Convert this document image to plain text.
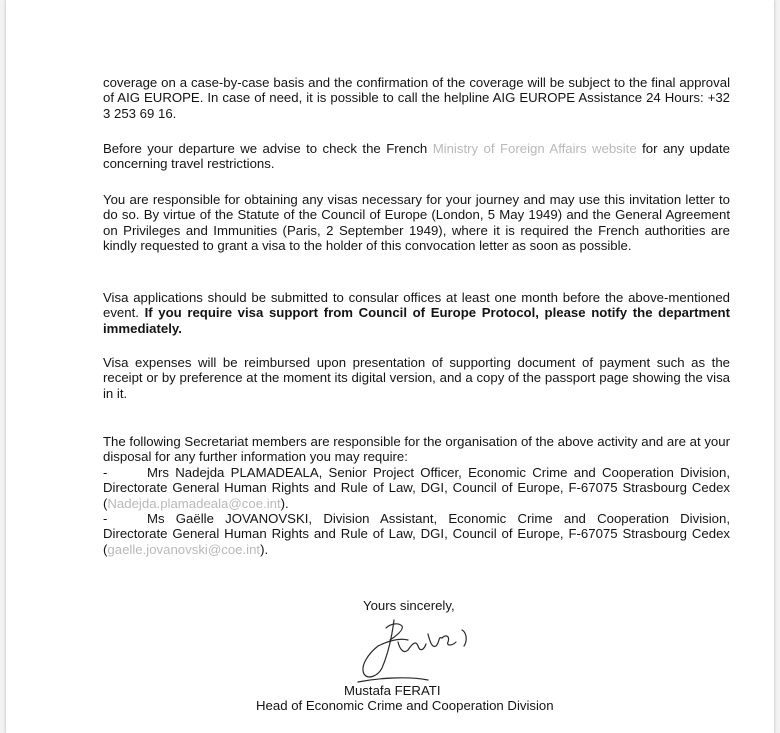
coverage on a case-by-case basis and the confirmation of the coverage will be subject to the final approval of AIG EUROPE. In case of need, it is possible to call the helpline AIG EUROPE Assistance 24 Hours: +32 3 253 69 16.

Before your departure we advise to check the French Ministry of Foreign Affairs website for any update concerning travel restrictions.

You are responsible for obtaining any visas necessary for your journey and may use this invitation letter to do so. By virtue of the Statute of the Council of Europe (London, 5 May 1949) and the General Agreement on Privileges and Immunities (Paris, 2 September 1949), where it is required the French authorities are kindly requested to grant a visa to the holder of this convocation letter as soon as possible.

Visa applications should be submitted to consular offices at least one month before the above-mentioned event. If you require visa support from Council of Europe Protocol, please notify the department immediately.

Visa expenses will be reimbursed upon presentation of supporting document of payment such as the receipt or by preference at the moment its digital version, and a copy of the passport page showing the visa in it.

The following Secretariat members are responsible for the organisation of the above activity and are at your disposal for any further information you may require:

-	Mrs Nadejda PLAMADEALA, Senior Project Officer, Economic Crime and Cooperation Division, Directorate General Human Rights and Rule of Law, DGI, Council of Europe, F-67075 Strasbourg Cedex (Nadejda.plamadeala@coe.int).

-	Ms Gaëlle JOVANOVSKI, Division Assistant, Economic Crime and Cooperation Division, Directorate General Human Rights and Rule of Law, DGI, Council of Europe, F-67075 Strasbourg Cedex (gaelle.jovanovski@coe.int).

Yours sincerely,
Mustafa FERATI
Head of Economic Crime and Cooperation Division
